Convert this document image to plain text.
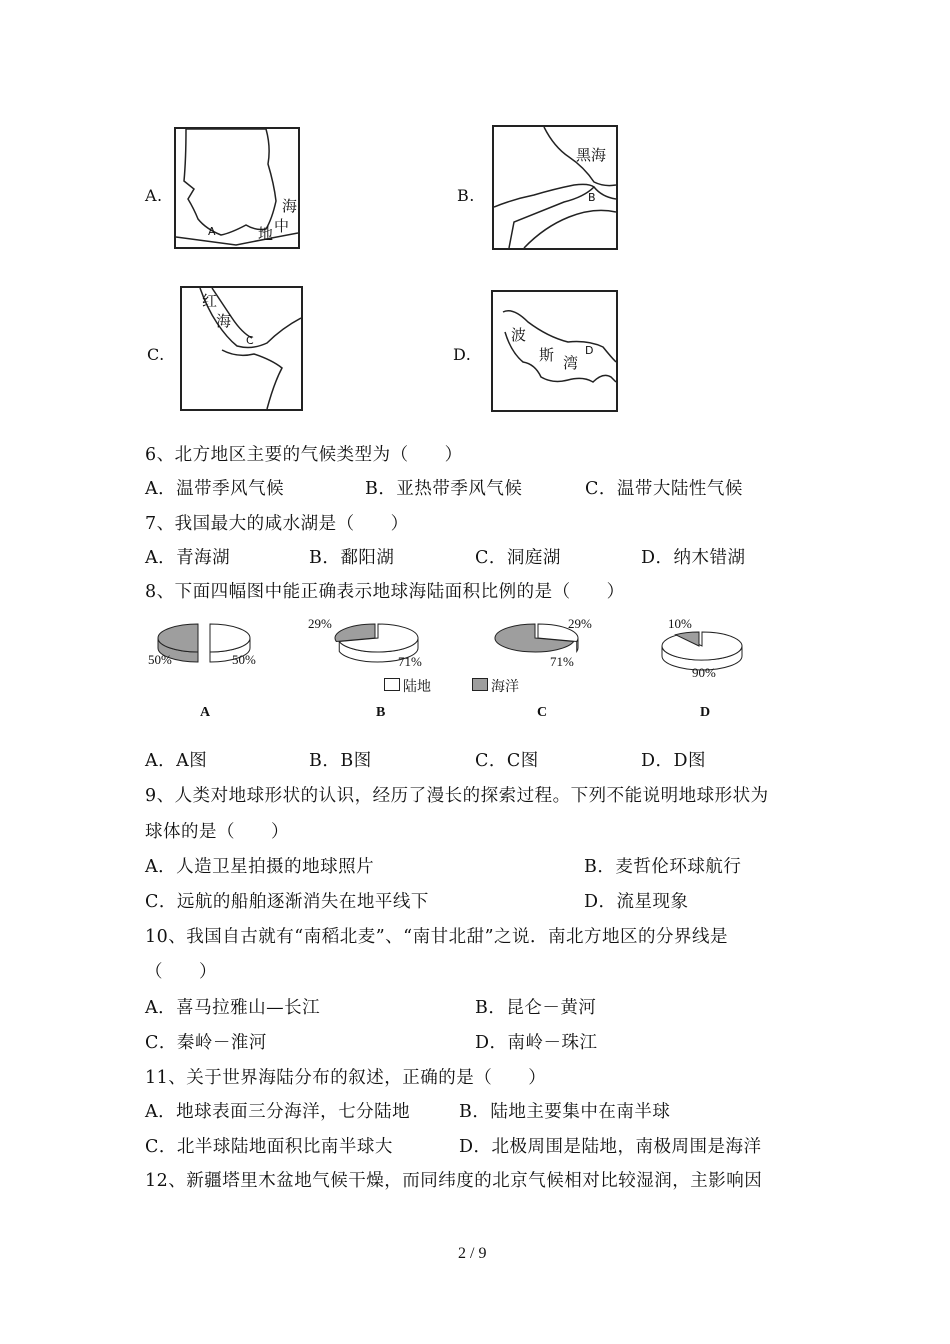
A.
海
中
地
A
B.
黑海
B
C.
红
海
C
D.
波
斯 湾
D
6、北方地区主要的气候类型为（　　）
A．温带季风气候	B．亚热带季风气候	C．温带大陆性气候
7、我国最大的咸水湖是（　　）
A．青海湖	B．鄱阳湖	C．洞庭湖	D．纳木错湖
8、下面四幅图中能正确表示地球海陆面积比例的是（　　）
50%	50%
29%
71%
29%
71%
10%
90%
陆地	海洋
A	B	C	D
A．A图	B．B图	C．C图	D．D图
9、人类对地球形状的认识，经历了漫长的探索过程。下列不能说明地球形状为
球体的是（　　）
A．人造卫星拍摄的地球照片	B．麦哲伦环球航行
C．远航的船舶逐渐消失在地平线下	D．流星现象
10、我国自古就有“南稻北麦”、“南甘北甜”之说．南北方地区的分界线是
（　　）
A．喜马拉雅山—长江	B．昆仑－黄河
C．秦岭－淮河	D．南岭－珠江
11、关于世界海陆分布的叙述，正确的是（　　）
A．地球表面三分海洋，七分陆地	B．陆地主要集中在南半球
C．北半球陆地面积比南半球大	D．北极周围是陆地，南极周围是海洋
12、新疆塔里木盆地气候干燥，而同纬度的北京气候相对比较湿润，主影响因
2 / 9
